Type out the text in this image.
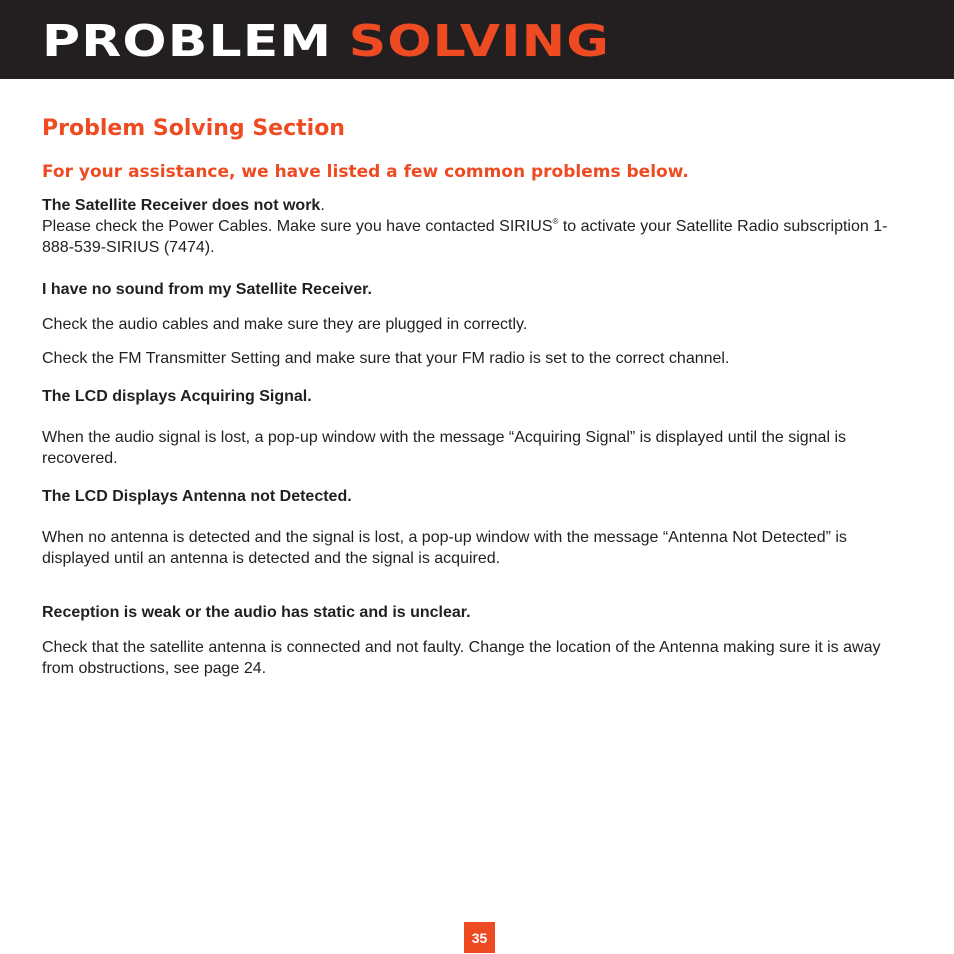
PROBLEM SOLVING
Problem Solving Section
For your assistance, we have listed a few common problems below.

The Satellite Receiver does not work.

Please check the Power Cables. Make sure you have contacted SIRIUS® to activate your Satellite Radio subscription 1-888-539-SIRIUS (7474).

I have no sound from my Satellite Receiver.

Check the audio cables and make sure they are plugged in correctly.

Check the FM Transmitter Setting and make sure that your FM radio is set to the correct channel.

The LCD displays Acquiring Signal.

When the audio signal is lost, a pop-up window with the message “Acquiring Signal” is displayed until the signal is recovered.

The LCD Displays Antenna not Detected.

When no antenna is detected and the signal is lost, a pop-up window with the message “Antenna Not Detected” is displayed until an antenna is detected and the signal is acquired.

Reception is weak or the audio has static and is unclear.

Check that the satellite antenna is connected and not faulty. Change the location of the Antenna making sure it is away from obstructions, see page 24.

35
